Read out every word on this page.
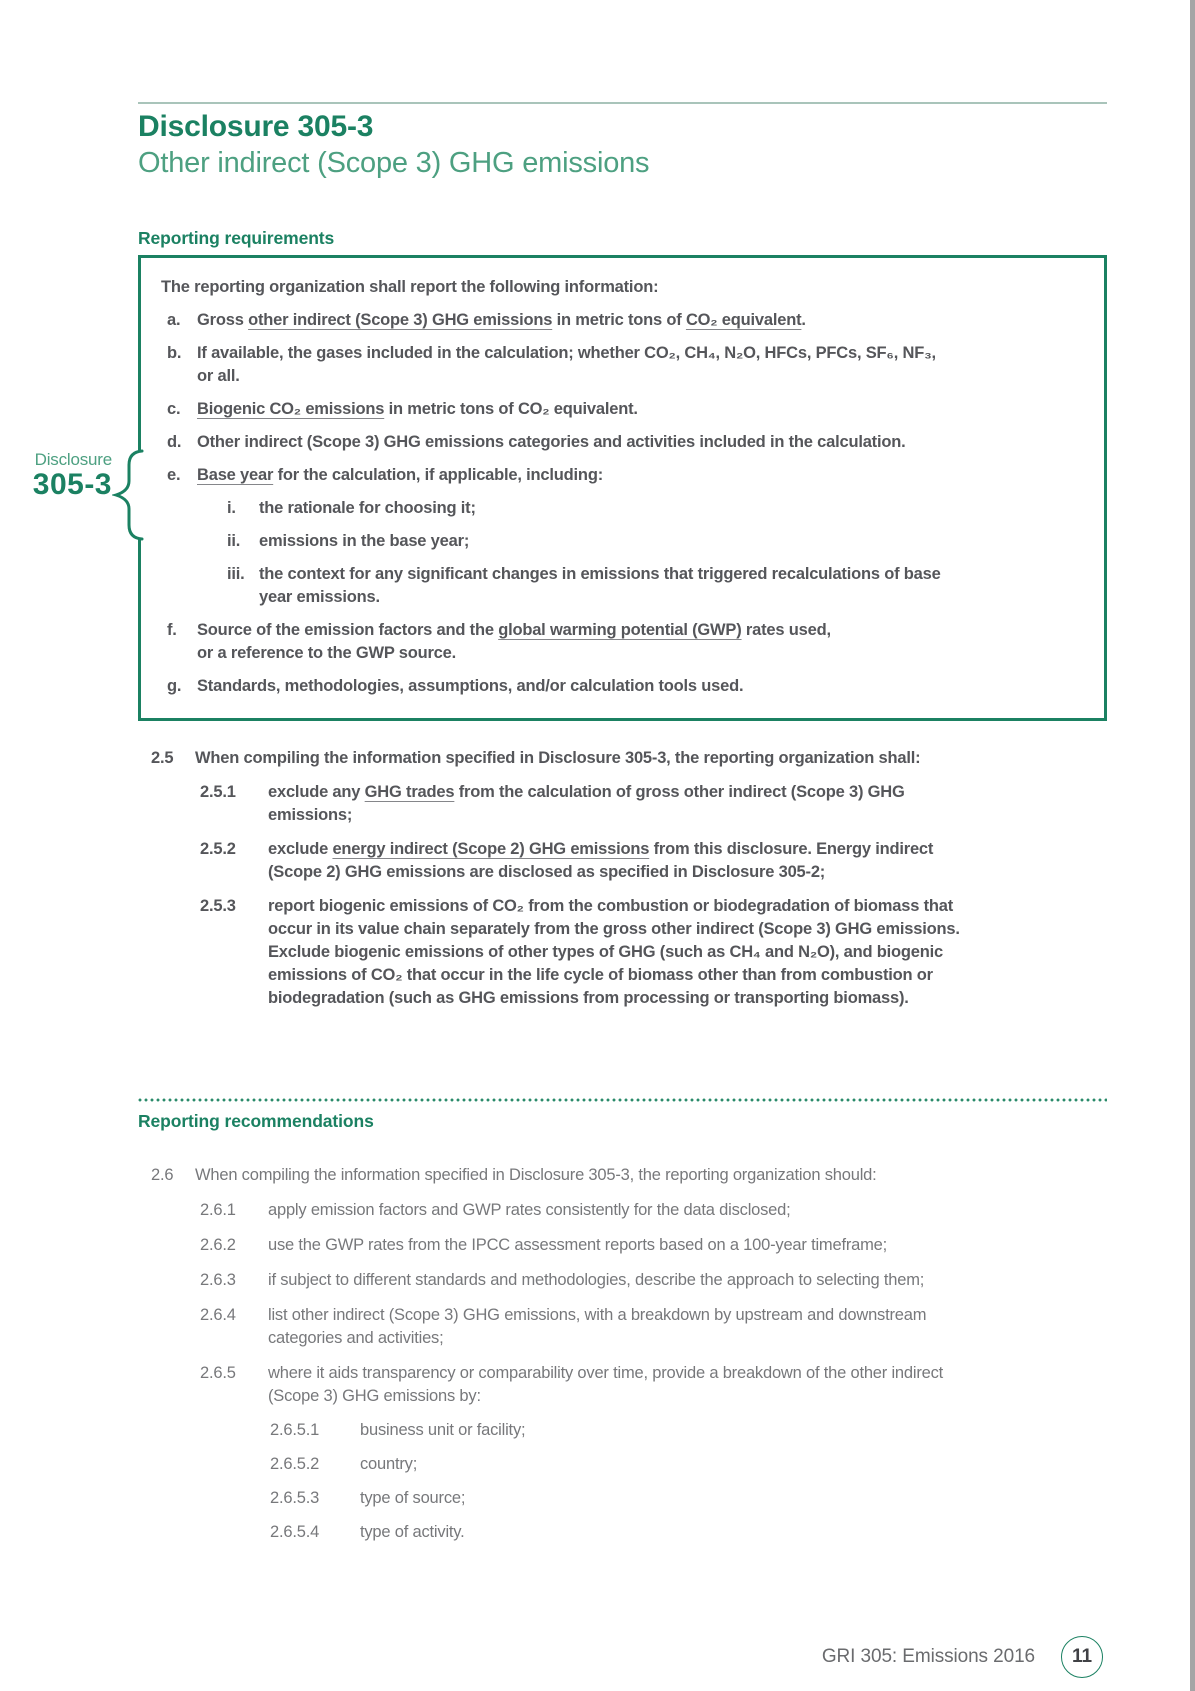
Disclosure 305-3
Other indirect (Scope 3) GHG emissions
Reporting requirements

The reporting organization shall report the following information:

a.	Gross other indirect (Scope 3) GHG emissions in metric tons of CO₂ equivalent.
b. If available, the gases included in the calculation; whether CO₂, CH₄, N₂O, HFCs, PFCs, SF₆, NF₃,
or all.
c.	Biogenic CO₂ emissions in metric tons of CO₂ equivalent.
d. Other indirect (Scope 3) GHG emissions categories and activities included in the calculation.
e.	Base year for the calculation, if applicable, including:
i.	the rationale for choosing it;
ii.	emissions in the base year;
iii. the context for any significant changes in emissions that triggered recalculations of base
year emissions.
f.	Source of the emission factors and the global warming potential (GWP) rates used,
or a reference to the GWP source.
g. Standards, methodologies, assumptions, and/or calculation tools used.
2.5	When compiling the information specified in Disclosure 305-3, the reporting organization shall:
2.5.1	exclude any GHG trades from the calculation of gross other indirect (Scope 3) GHG
emissions;
2.5.2	exclude energy indirect (Scope 2) GHG emissions from this disclosure. Energy indirect
(Scope 2) GHG emissions are disclosed as specified in Disclosure 305-2;
2.5.3	report biogenic emissions of CO₂ from the combustion or biodegradation of biomass that
occur in its value chain separately from the gross other indirect (Scope 3) GHG emissions.
Exclude biogenic emissions of other types of GHG (such as CH₄ and N₂O), and biogenic
emissions of CO₂ that occur in the life cycle of biomass other than from combustion or
biodegradation (such as GHG emissions from processing or transporting biomass).
Reporting recommendations
2.6	When compiling the information specified in Disclosure 305-3, the reporting organization should:
2.6.1	apply emission factors and GWP rates consistently for the data disclosed;
2.6.2	use the GWP rates from the IPCC assessment reports based on a 100-year timeframe;
2.6.3	if subject to different standards and methodologies, describe the approach to selecting them;
2.6.4	list other indirect (Scope 3) GHG emissions, with a breakdown by upstream and downstream
categories and activities;
2.6.5	where it aids transparency or comparability over time, provide a breakdown of the other indirect
(Scope 3) GHG emissions by:
2.6.5.1	business unit or facility;
2.6.5.2	country;
2.6.5.3	type of source;
2.6.5.4	type of activity.
Disclosure
305-3
GRI 305: Emissions 2016	11
